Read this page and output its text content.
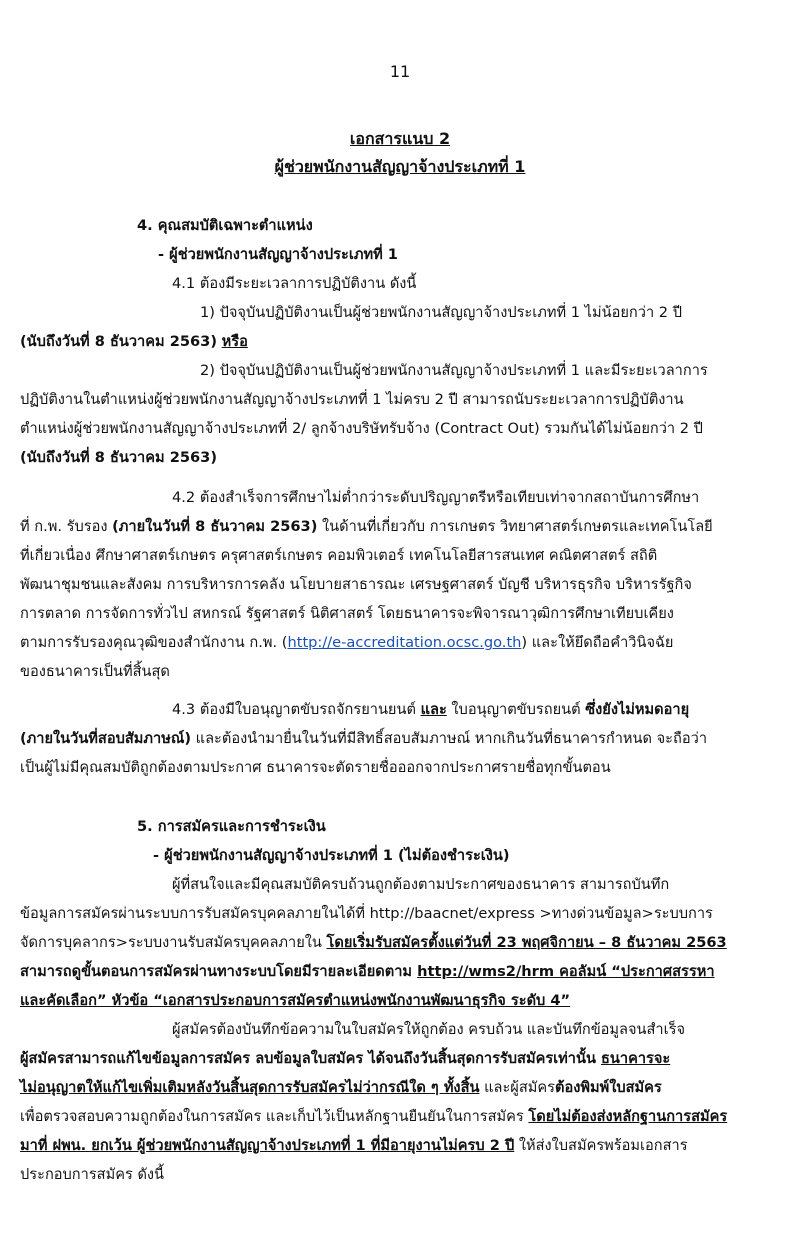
11
เอกสารแนบ 2
ผู้ช่วยพนักงานสัญญาจ้างประเภทที่ 1
4. คุณสมบัติเฉพาะตำแหน่ง
- ผู้ช่วยพนักงานสัญญาจ้างประเภทที่ 1
4.1 ต้องมีระยะเวลาการปฏิบัติงาน ดังนี้
1) ปัจจุบันปฏิบัติงานเป็นผู้ช่วยพนักงานสัญญาจ้างประเภทที่ 1 ไม่น้อยกว่า 2 ปี
(นับถึงวันที่ 8 ธันวาคม 2563) หรือ
2) ปัจจุบันปฏิบัติงานเป็นผู้ช่วยพนักงานสัญญาจ้างประเภทที่ 1 และมีระยะเวลาการ
ปฏิบัติงานในตำแหน่งผู้ช่วยพนักงานสัญญาจ้างประเภทที่ 1 ไม่ครบ 2 ปี สามารถนับระยะเวลาการปฏิบัติงาน
ตำแหน่งผู้ช่วยพนักงานสัญญาจ้างประเภทที่ 2/ ลูกจ้างบริษัทรับจ้าง (Contract Out) รวมกันได้ไม่น้อยกว่า 2 ปี
(นับถึงวันที่ 8 ธันวาคม 2563)
4.2 ต้องสำเร็จการศึกษาไม่ต่ำกว่าระดับปริญญาตรีหรือเทียบเท่าจากสถาบันการศึกษา
ที่ ก.พ. รับรอง (ภายในวันที่ 8 ธันวาคม 2563) ในด้านที่เกี่ยวกับ การเกษตร วิทยาศาสตร์เกษตรและเทคโนโลยี
ที่เกี่ยวเนื่อง ศึกษาศาสตร์เกษตร ครุศาสตร์เกษตร คอมพิวเตอร์ เทคโนโลยีสารสนเทศ คณิตศาสตร์ สถิติ
พัฒนาชุมชนและสังคม การบริหารการคลัง นโยบายสาธารณะ เศรษฐศาสตร์ บัญชี บริหารธุรกิจ บริหารรัฐกิจ
การตลาด การจัดการทั่วไป สหกรณ์ รัฐศาสตร์ นิติศาสตร์ โดยธนาคารจะพิจารณาวุฒิการศึกษาเทียบเคียง
ตามการรับรองคุณวุฒิของสำนักงาน ก.พ. (http://e-accreditation.ocsc.go.th) และให้ยึดถือคำวินิจฉัย
ของธนาคารเป็นที่สิ้นสุด
4.3 ต้องมีใบอนุญาตขับรถจักรยานยนต์ และ ใบอนุญาตขับรถยนต์ ซึ่งยังไม่หมดอายุ
(ภายในวันที่สอบสัมภาษณ์) และต้องนำมายื่นในวันที่มีสิทธิ์สอบสัมภาษณ์ หากเกินวันที่ธนาคารกำหนด จะถือว่า
เป็นผู้ไม่มีคุณสมบัติถูกต้องตามประกาศ ธนาคารจะตัดรายชื่อออกจากประกาศรายชื่อทุกขั้นตอน
5. การสมัครและการชำระเงิน
- ผู้ช่วยพนักงานสัญญาจ้างประเภทที่ 1 (ไม่ต้องชำระเงิน)
ผู้ที่สนใจและมีคุณสมบัติครบถ้วนถูกต้องตามประกาศของธนาคาร สามารถบันทึก
ข้อมูลการสมัครผ่านระบบการรับสมัครบุคคลภายในได้ที่ http://baacnet/express >ทางด่วนข้อมูล>ระบบการ
จัดการบุคลากร>ระบบงานรับสมัครบุคคลภายใน โดยเริ่มรับสมัครตั้งแต่วันที่ 23 พฤศจิกายน – 8 ธันวาคม 2563
สามารถดูขั้นตอนการสมัครผ่านทางระบบโดยมีรายละเอียดตาม http://wms2/hrm คอลัมน์ “ประกาศสรรหา
และคัดเลือก” หัวข้อ “เอกสารประกอบการสมัครตำแหน่งพนักงานพัฒนาธุรกิจ ระดับ 4”
ผู้สมัครต้องบันทึกข้อความในใบสมัครให้ถูกต้อง ครบถ้วน และบันทึกข้อมูลจนสำเร็จ
ผู้สมัครสามารถแก้ไขข้อมูลการสมัคร ลบข้อมูลใบสมัคร ได้จนถึงวันสิ้นสุดการรับสมัครเท่านั้น ธนาคารจะ
ไม่อนุญาตให้แก้ไขเพิ่มเติมหลังวันสิ้นสุดการรับสมัครไม่ว่ากรณีใด ๆ ทั้งสิ้น และผู้สมัครต้องพิมพ์ใบสมัคร
เพื่อตรวจสอบความถูกต้องในการสมัคร และเก็บไว้เป็นหลักฐานยืนยันในการสมัคร โดยไม่ต้องส่งหลักฐานการสมัคร
มาที่ ฝพน. ยกเว้น ผู้ช่วยพนักงานสัญญาจ้างประเภทที่ 1 ที่มีอายุงานไม่ครบ 2 ปี ให้ส่งใบสมัครพร้อมเอกสาร
ประกอบการสมัคร ดังนี้
